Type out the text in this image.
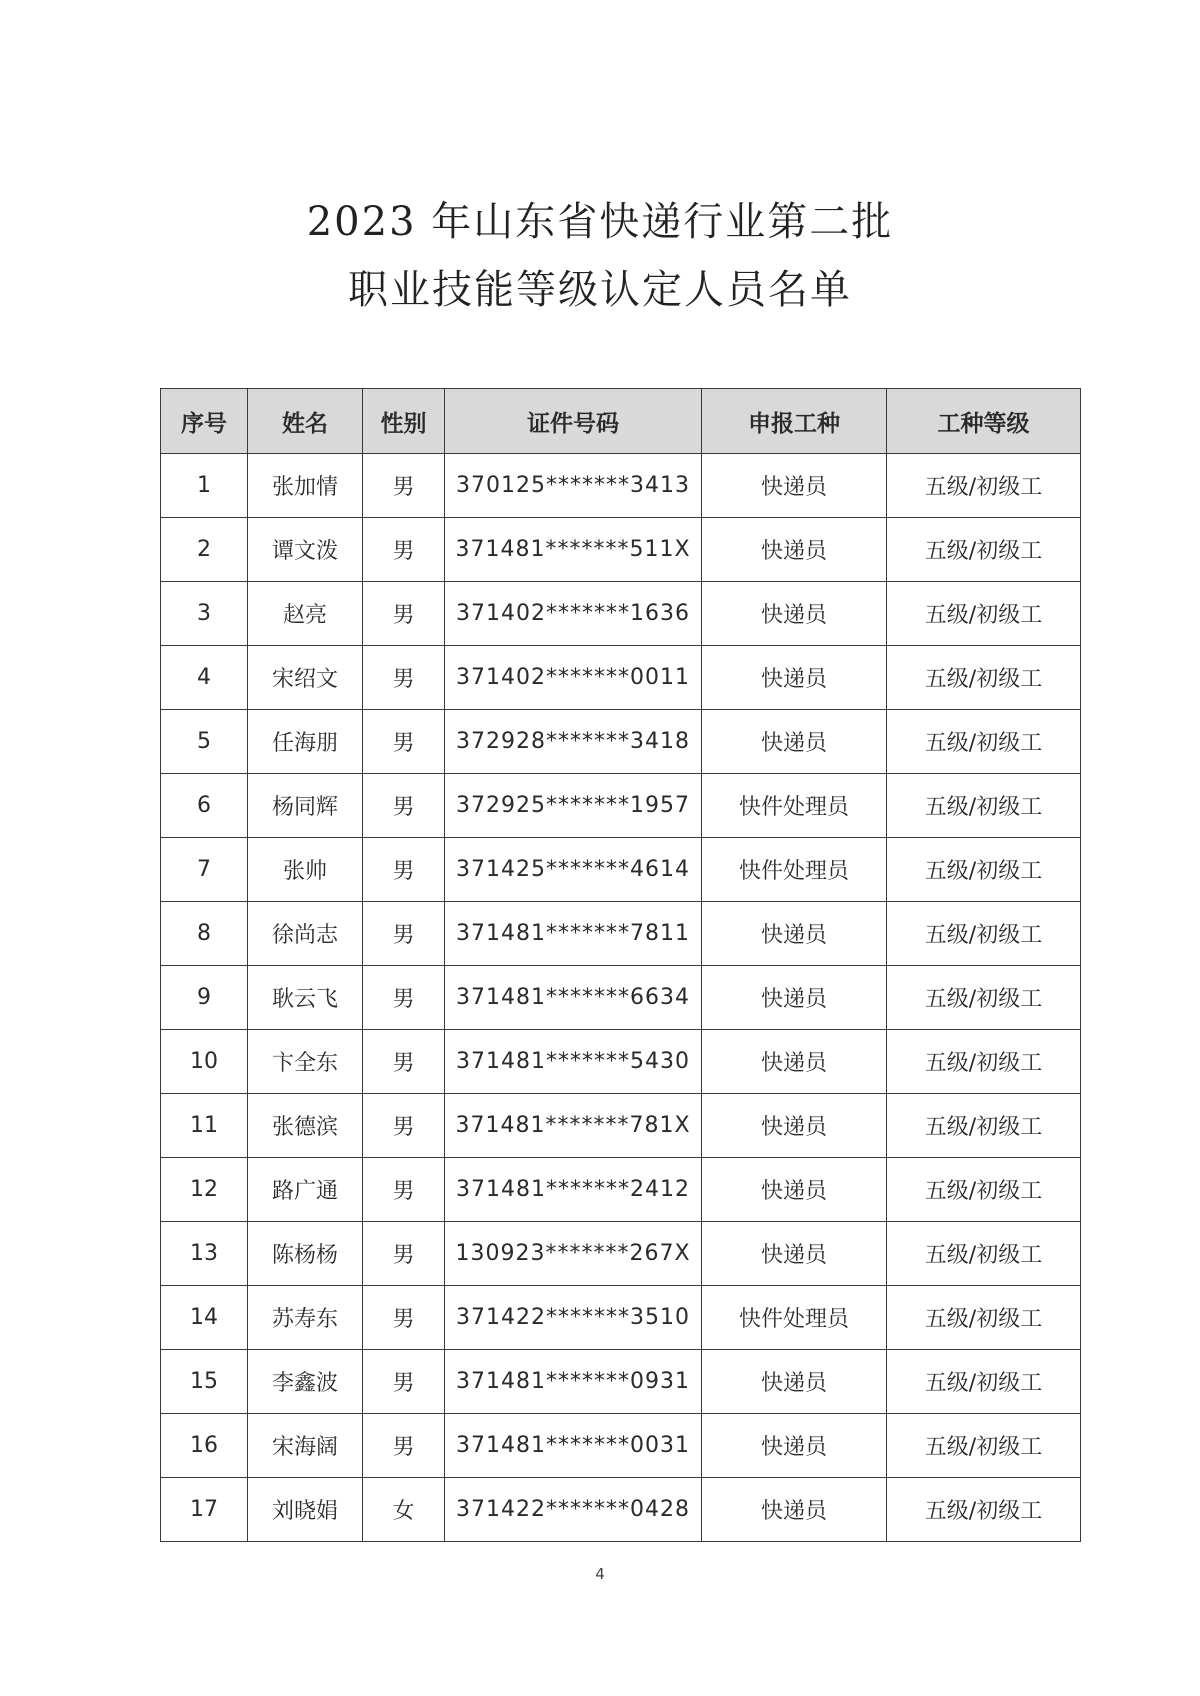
2023 年山东省快递行业第二批
职业技能等级认定人员名单
序号	姓名	性别	证件号码	申报工种	工种等级
1	张加情	男	370125*******3413	快递员	五级/初级工
2	谭文泼	男	371481*******511X	快递员	五级/初级工
3	赵亮	男	371402*******1636	快递员	五级/初级工
4	宋绍文	男	371402*******0011	快递员	五级/初级工
5	任海朋	男	372928*******3418	快递员	五级/初级工
6	杨同辉	男	372925*******1957	快件处理员	五级/初级工
7	张帅	男	371425*******4614	快件处理员	五级/初级工
8	徐尚志	男	371481*******7811	快递员	五级/初级工
9	耿云飞	男	371481*******6634	快递员	五级/初级工
10	卞全东	男	371481*******5430	快递员	五级/初级工
11	张德滨	男	371481*******781X	快递员	五级/初级工
12	路广通	男	371481*******2412	快递员	五级/初级工
13	陈杨杨	男	130923*******267X	快递员	五级/初级工
14	苏寿东	男	371422*******3510	快件处理员	五级/初级工
15	李鑫波	男	371481*******0931	快递员	五级/初级工
16	宋海阔	男	371481*******0031	快递员	五级/初级工
17	刘晓娟	女	371422*******0428	快递员	五级/初级工
4
